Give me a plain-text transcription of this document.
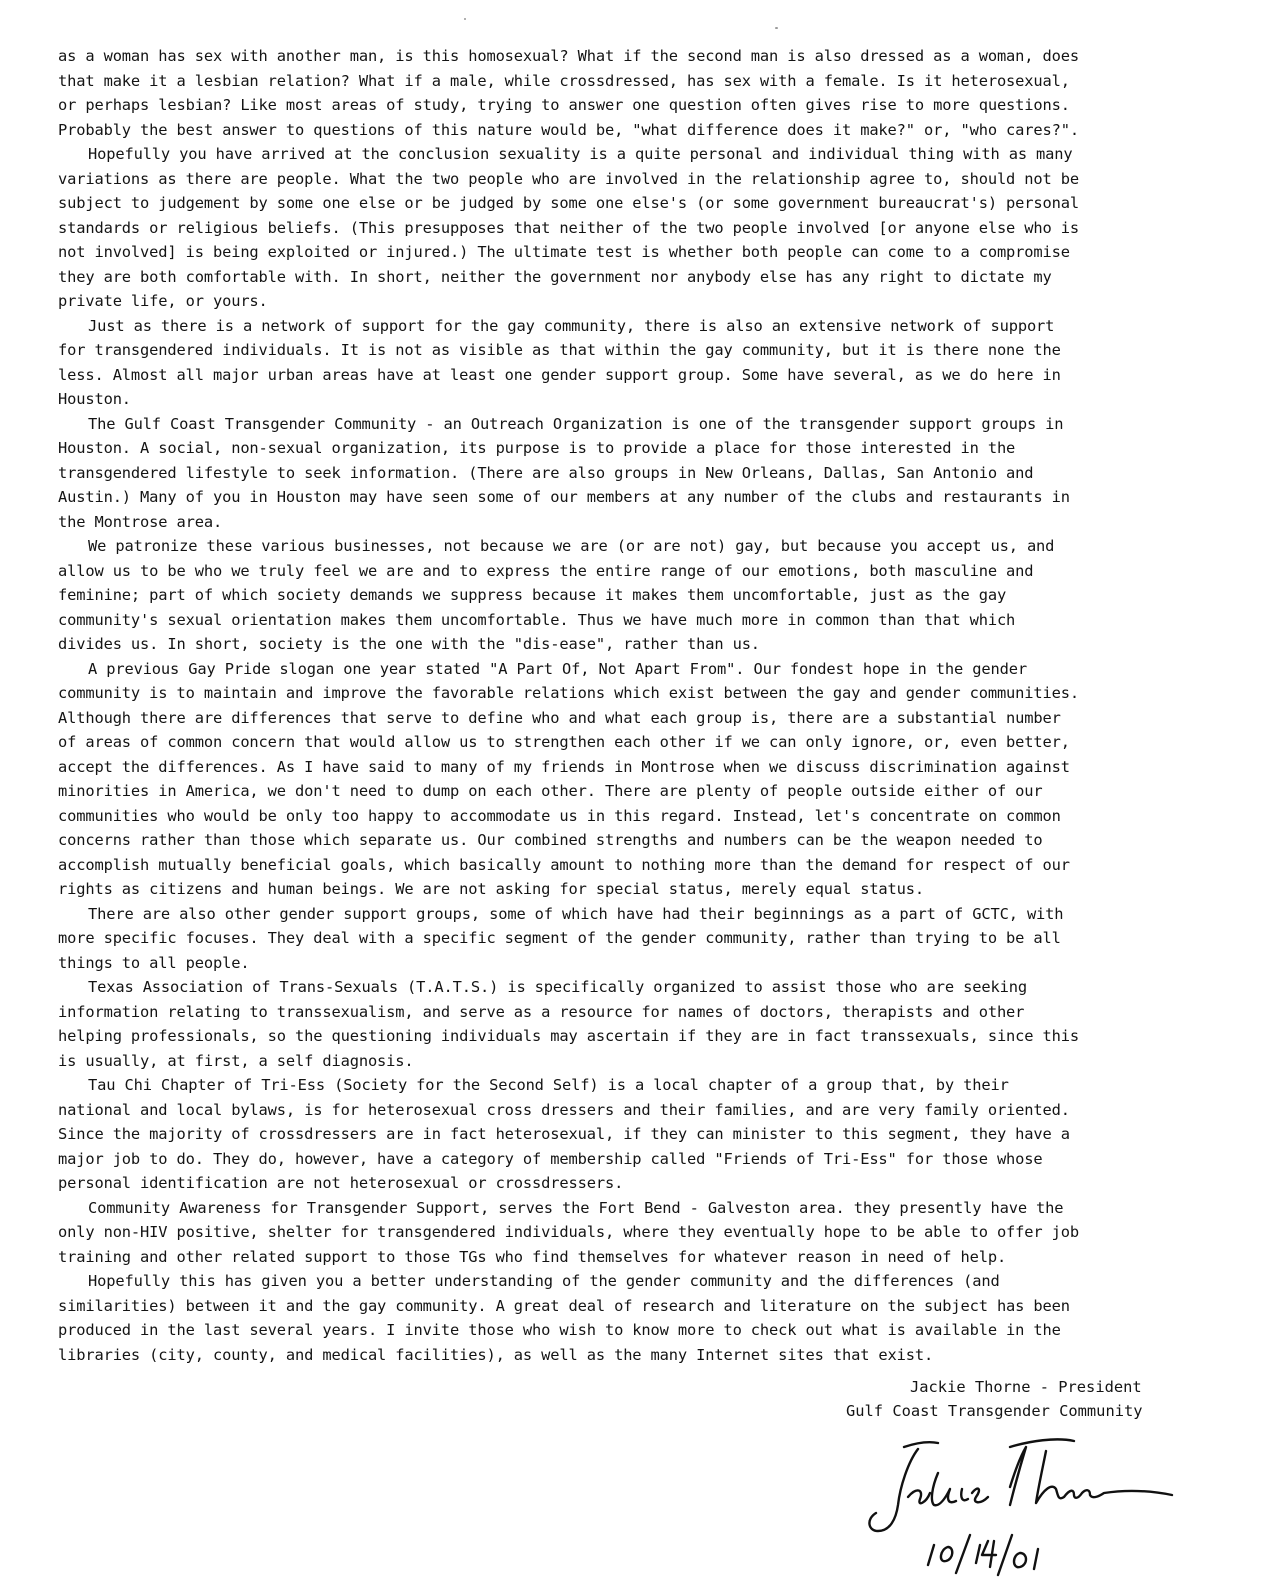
as a woman has sex with another man, is this homosexual? What if the second man is also dressed as a woman, does
that make it a lesbian relation? What if a male, while crossdressed, has sex with a female. Is it heterosexual,
or perhaps lesbian? Like most areas of study, trying to answer one question often gives rise to more questions.
Probably the best answer to questions of this nature would be, "what difference does it make?" or, "who cares?".
Hopefully you have arrived at the conclusion sexuality is a quite personal and individual thing with as many
variations as there are people. What the two people who are involved in the relationship agree to, should not be
subject to judgement by some one else or be judged by some one else's (or some government bureaucrat's) personal
standards or religious beliefs. (This presupposes that neither of the two people involved [or anyone else who is
not involved] is being exploited or injured.) The ultimate test is whether both people can come to a compromise
they are both comfortable with. In short, neither the government nor anybody else has any right to dictate my
private life, or yours.
Just as there is a network of support for the gay community, there is also an extensive network of support
for transgendered individuals. It is not as visible as that within the gay community, but it is there none the
less. Almost all major urban areas have at least one gender support group. Some have several, as we do here in
Houston.
The Gulf Coast Transgender Community - an Outreach Organization is one of the transgender support groups in
Houston. A social, non-sexual organization, its purpose is to provide a place for those interested in the
transgendered lifestyle to seek information. (There are also groups in New Orleans, Dallas, San Antonio and
Austin.) Many of you in Houston may have seen some of our members at any number of the clubs and restaurants in
the Montrose area.
We patronize these various businesses, not because we are (or are not) gay, but because you accept us, and
allow us to be who we truly feel we are and to express the entire range of our emotions, both masculine and
feminine; part of which society demands we suppress because it makes them uncomfortable, just as the gay
community's sexual orientation makes them uncomfortable. Thus we have much more in common than that which
divides us. In short, society is the one with the "dis-ease", rather than us.
A previous Gay Pride slogan one year stated "A Part Of, Not Apart From". Our fondest hope in the gender
community is to maintain and improve the favorable relations which exist between the gay and gender communities.
Although there are differences that serve to define who and what each group is, there are a substantial number
of areas of common concern that would allow us to strengthen each other if we can only ignore, or, even better,
accept the differences. As I have said to many of my friends in Montrose when we discuss discrimination against
minorities in America, we don't need to dump on each other. There are plenty of people outside either of our
communities who would be only too happy to accommodate us in this regard. Instead, let's concentrate on common
concerns rather than those which separate us. Our combined strengths and numbers can be the weapon needed to
accomplish mutually beneficial goals, which basically amount to nothing more than the demand for respect of our
rights as citizens and human beings. We are not asking for special status, merely equal status.
There are also other gender support groups, some of which have had their beginnings as a part of GCTC, with
more specific focuses. They deal with a specific segment of the gender community, rather than trying to be all
things to all people.
Texas Association of Trans-Sexuals (T.A.T.S.) is specifically organized to assist those who are seeking
information relating to transsexualism, and serve as a resource for names of doctors, therapists and other
helping professionals, so the questioning individuals may ascertain if they are in fact transsexuals, since this
is usually, at first, a self diagnosis.
Tau Chi Chapter of Tri-Ess (Society for the Second Self) is a local chapter of a group that, by their
national and local bylaws, is for heterosexual cross dressers and their families, and are very family oriented.
Since the majority of crossdressers are in fact heterosexual, if they can minister to this segment, they have a
major job to do. They do, however, have a category of membership called "Friends of Tri-Ess" for those whose
personal identification are not heterosexual or crossdressers.
Community Awareness for Transgender Support, serves the Fort Bend - Galveston area. they presently have the
only non-HIV positive, shelter for transgendered individuals, where they eventually hope to be able to offer job
training and other related support to those TGs who find themselves for whatever reason in need of help.
Hopefully this has given you a better understanding of the gender community and the differences (and
similarities) between it and the gay community. A great deal of research and literature on the subject has been
produced in the last several years. I invite those who wish to know more to check out what is available in the
libraries (city, county, and medical facilities), as well as the many Internet sites that exist.
Jackie Thorne - President
Gulf Coast Transgender Community
